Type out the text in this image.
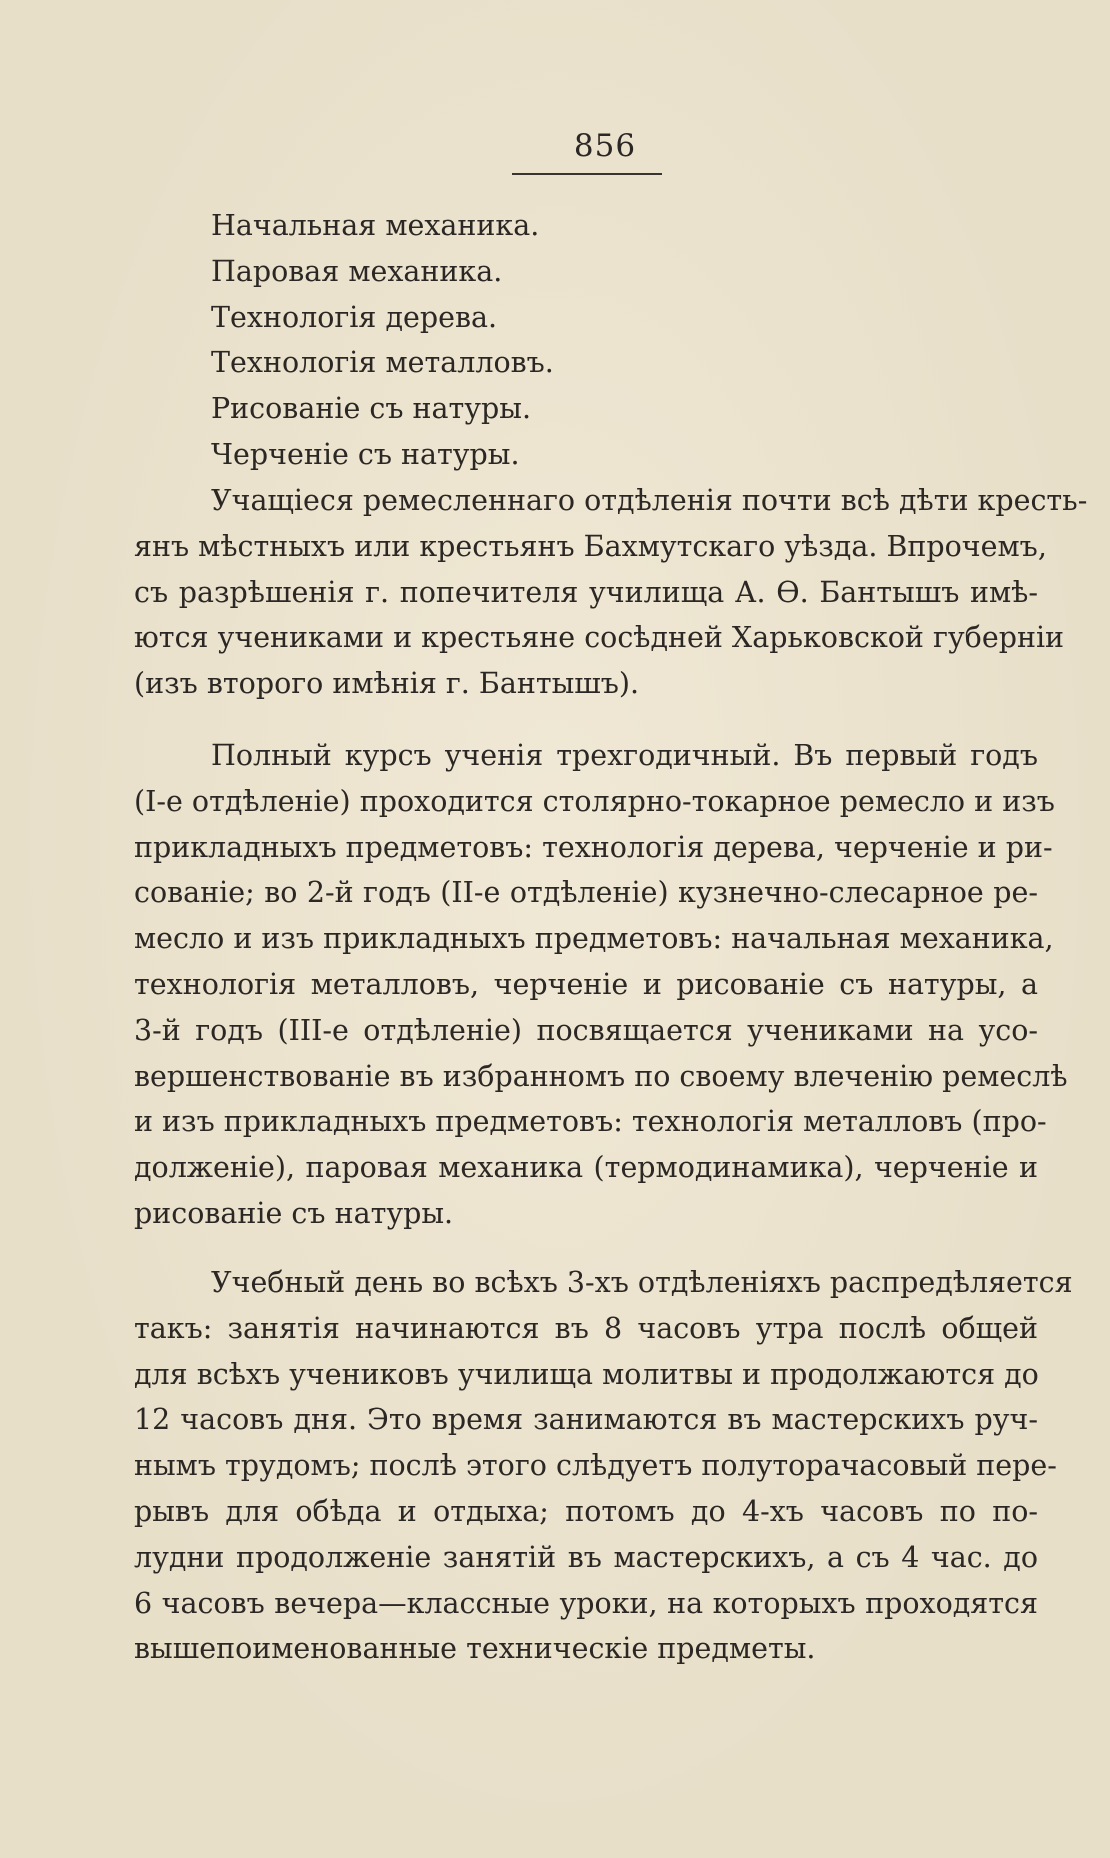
856
Начальная механика.
Паровая механика.
Технологія дерева.
Технологія металловъ.
Рисованіе съ натуры.
Черченіе съ натуры.
Учащіеся ремесленнаго отдѣленія почти всѣ дѣти кресть-
янъ мѣстныхъ или крестьянъ Бахмутскаго уѣзда. Впрочемъ,
съ разрѣшенія г. попечителя училища А. Ѳ. Бантышъ имѣ-
ются учениками и крестьяне сосѣдней Харьковской губерніи
(изъ второго имѣнія г. Бантышъ).
Полный курсъ ученія трехгодичный. Въ первый годъ
(I-е отдѣленіе) проходится столярно-токарное ремесло и изъ
прикладныхъ предметовъ: технологія дерева, черченіе и ри-
сованіе; во 2-й годъ (II-е отдѣленіе) кузнечно-слесарное ре-
месло и изъ прикладныхъ предметовъ: начальная механика,
технологія металловъ, черченіе и рисованіе съ натуры, а
3-й годъ (III-е отдѣленіе) посвящается учениками на усо-
вершенствованіе въ избранномъ по своему влеченію ремеслѣ
и изъ прикладныхъ предметовъ: технологія металловъ (про-
долженіе), паровая механика (термодинамика), черченіе и
рисованіе съ натуры.
Учебный день во всѣхъ 3-хъ отдѣленіяхъ распредѣляется
такъ: занятія начинаются въ 8 часовъ утра послѣ общей
для всѣхъ учениковъ училища молитвы и продолжаются до
12 часовъ дня. Это время занимаются въ мастерскихъ руч-
нымъ трудомъ; послѣ этого слѣдуетъ полуторачасовый пере-
рывъ для обѣда и отдыха; потомъ до 4-хъ часовъ по по-
лудни продолженіе занятій въ мастерскихъ, а съ 4 час. до
6 часовъ вечера—классные уроки, на которыхъ проходятся
вышепоименованные техническіе предметы.
